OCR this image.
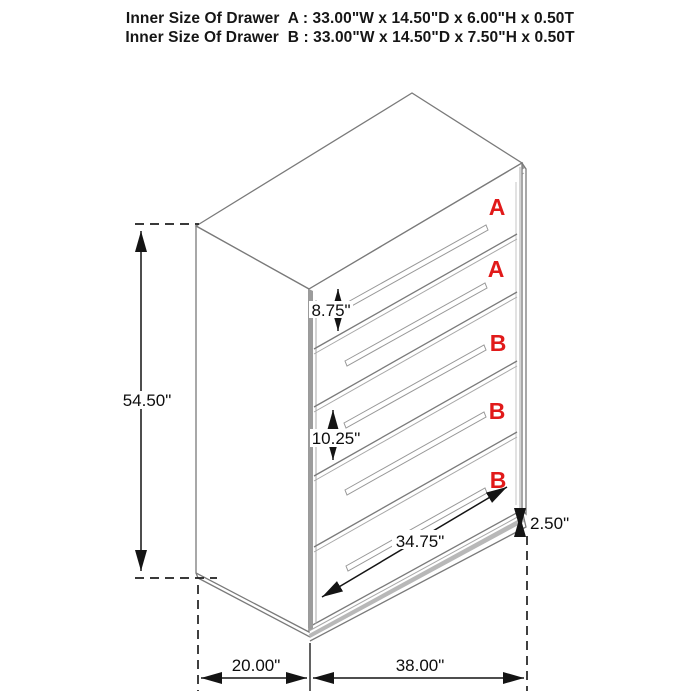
Inner Size Of Drawer  A : 33.00"W x 14.50"D x 6.00"H x 0.50T
Inner Size Of Drawer  B : 33.00"W x 14.50"D x 7.50"H x 0.50T
A
A
B
B
B
54.50"
8.75"
10.25"
2.50"
34.75"
20.00"	38.00"
